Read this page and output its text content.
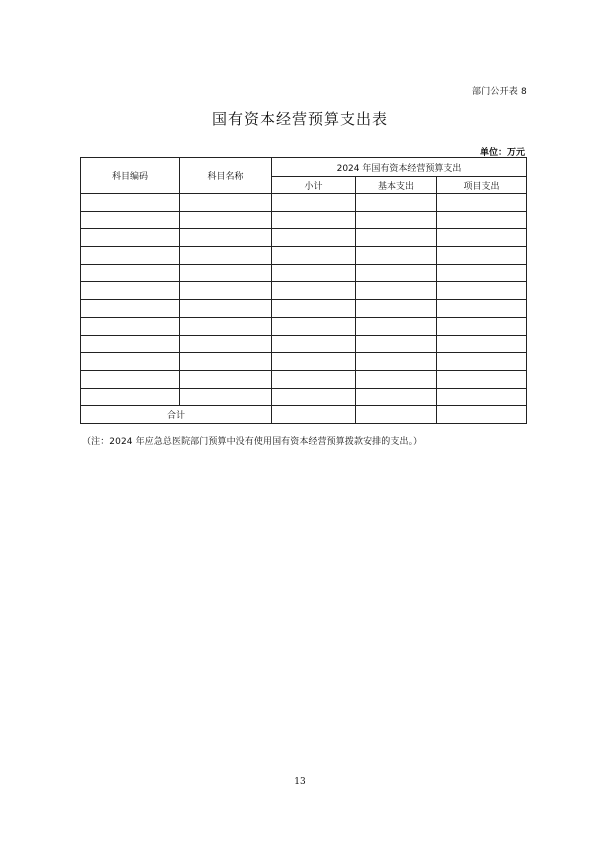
部门公开表 8
国有资本经营预算支出表
单位：万元
科目编码	科目名称	2024 年国有资本经营预算支出		
		小计	基本支出	项目支出

合计				
（注：2024 年应急总医院部门预算中没有使用国有资本经营预算拨款安排的支出。）
13
